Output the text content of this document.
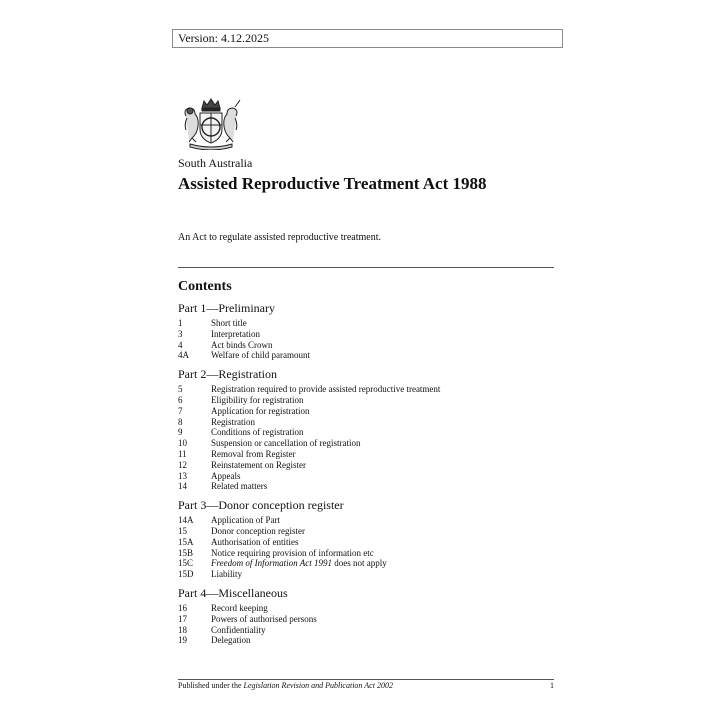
Version: 4.12.2025
South Australia
Assisted Reproductive Treatment Act 1988
An Act to regulate assisted reproductive treatment.
Contents
Part 1—Preliminary
1	Short title
3	Interpretation
4	Act binds Crown
4A	Welfare of child paramount
Part 2—Registration
5	Registration required to provide assisted reproductive treatment
6	Eligibility for registration
7	Application for registration
8	Registration
9	Conditions of registration
10	Suspension or cancellation of registration
11	Removal from Register
12	Reinstatement on Register
13	Appeals
14	Related matters
Part 3—Donor conception register
14A	Application of Part
15	Donor conception register
15A	Authorisation of entities
15B	Notice requiring provision of information etc
15C	Freedom of Information Act 1991 does not apply
15D	Liability
Part 4—Miscellaneous
16	Record keeping
17	Powers of authorised persons
18	Confidentiality
19	Delegation
Published under the Legislation Revision and Publication Act 2002	1
